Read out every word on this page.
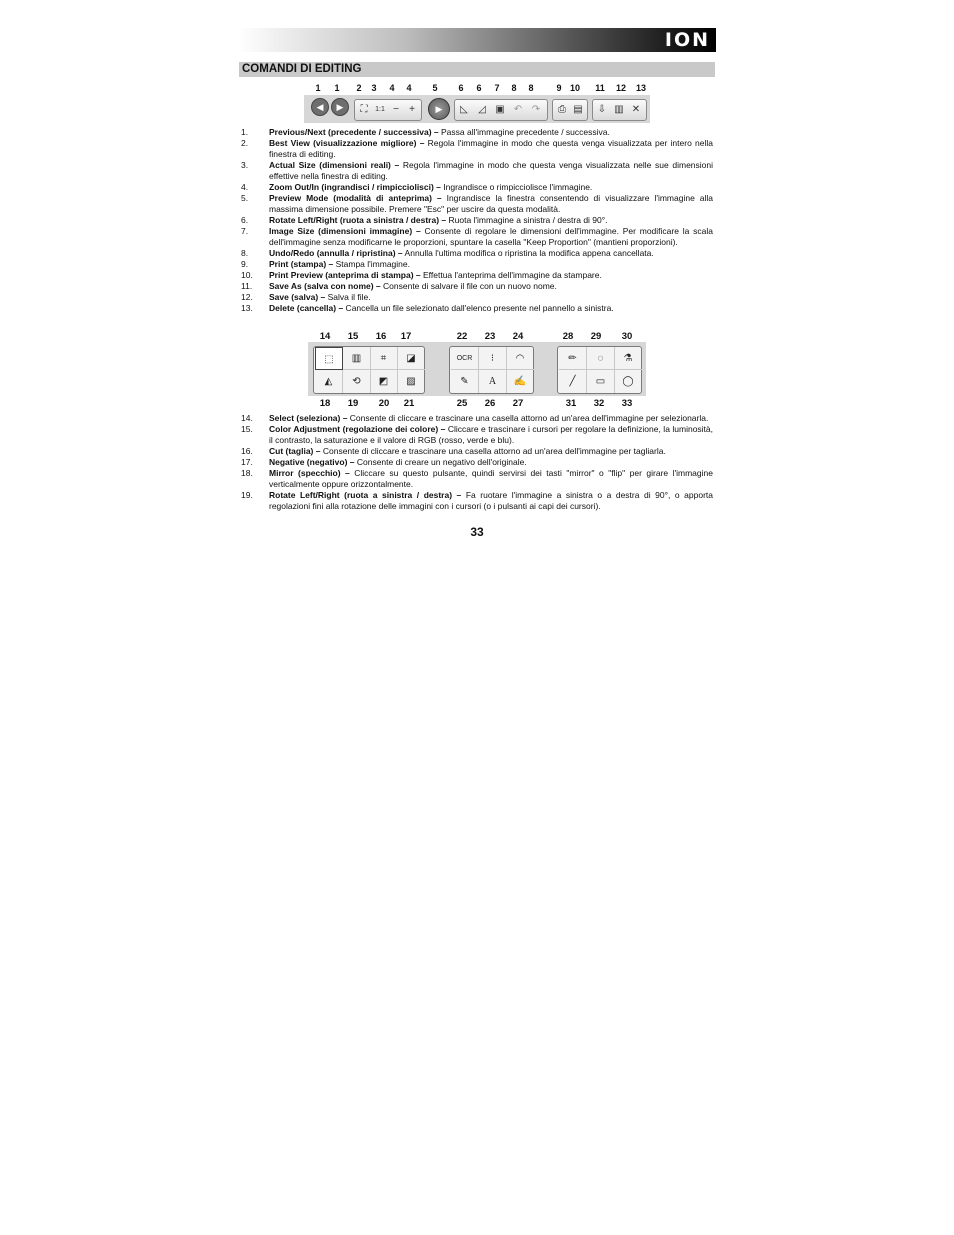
ION
COMANDI DI EDITING
1 1 2 3 4 4 5 6 6 7 8 8	9 10 11 12 13
◀	▶	⛶	1:1 −	+	▶	◺	◿ ▣ ↶ ↷	⎙ ▤	⇩ ▥ ✕
1. Previous/Next (precedente / successiva) – Passa all'immagine precedente / successiva.
2. Best View (visualizzazione migliore) – Regola l'immagine in modo che questa venga visualizzata per intero nella finestra di editing.
3. Actual Size (dimensioni reali) – Regola l'immagine in modo che questa venga visualizzata nelle sue dimensioni effettive nella finestra di editing.
4. Zoom Out/In (ingrandisci / rimpicciolisci) – Ingrandisce o rimpicciolisce l'immagine.
5. Preview Mode (modalità di anteprima) – Ingrandisce la finestra consentendo di visualizzare l'immagine alla massima dimensione possibile. Premere "Esc" per uscire da questa modalità.
6. Rotate Left/Right (ruota a sinistra / destra) – Ruota l'immagine a sinistra / destra di 90°.
7. Image Size (dimensioni immagine) – Consente di regolare le dimensioni dell'immagine. Per modificare la scala dell'immagine senza modificarne le proporzioni, spuntare la casella "Keep Proportion" (mantieni proporzioni).
8. Undo/Redo (annulla / ripristina) – Annulla l'ultima modifica o ripristina la modifica appena cancellata.
9. Print (stampa) – Stampa l'immagine.
10. Print Preview (anteprima di stampa) – Effettua l'anteprima dell'immagine da stampare.
11. Save As (salva con nome) – Consente di salvare il file con un nuovo nome.
12. Save (salva) – Salva il file.
13. Delete (cancella) – Cancella un file selezionato dall'elenco presente nel pannello a sinistra.
14 15 16 17	22 23 24	28 29 30
⬚	▥	⌗	◪
◭	⟲	◩	▨
OCR	⁝	◠
✎	A	✍
✏	◌	⚗
╱	▭	◯
18 19 20 21	25 26 27	31 32 33
14. Select (seleziona) – Consente di cliccare e trascinare una casella attorno ad un'area dell'immagine per selezionarla.
15. Color Adjustment (regolazione dei colore) – Cliccare e trascinare i cursori per regolare la definizione, la luminosità, il contrasto, la saturazione e il valore di RGB (rosso, verde e blu).
16. Cut (taglia) – Consente di cliccare e trascinare una casella attorno ad un'area dell'immagine per tagliarla.
17. Negative (negativo) – Consente di creare un negativo dell'originale.
18. Mirror (specchio) – Cliccare su questo pulsante, quindi servirsi dei tasti "mirror" o "flip" per girare l'immagine verticalmente oppure orizzontalmente.
19. Rotate Left/Right (ruota a sinistra / destra) – Fa ruotare l'immagine a sinistra o a destra di 90°, o apporta regolazioni fini alla rotazione delle immagini con i cursori (o i pulsanti ai capi dei cursori).
33
